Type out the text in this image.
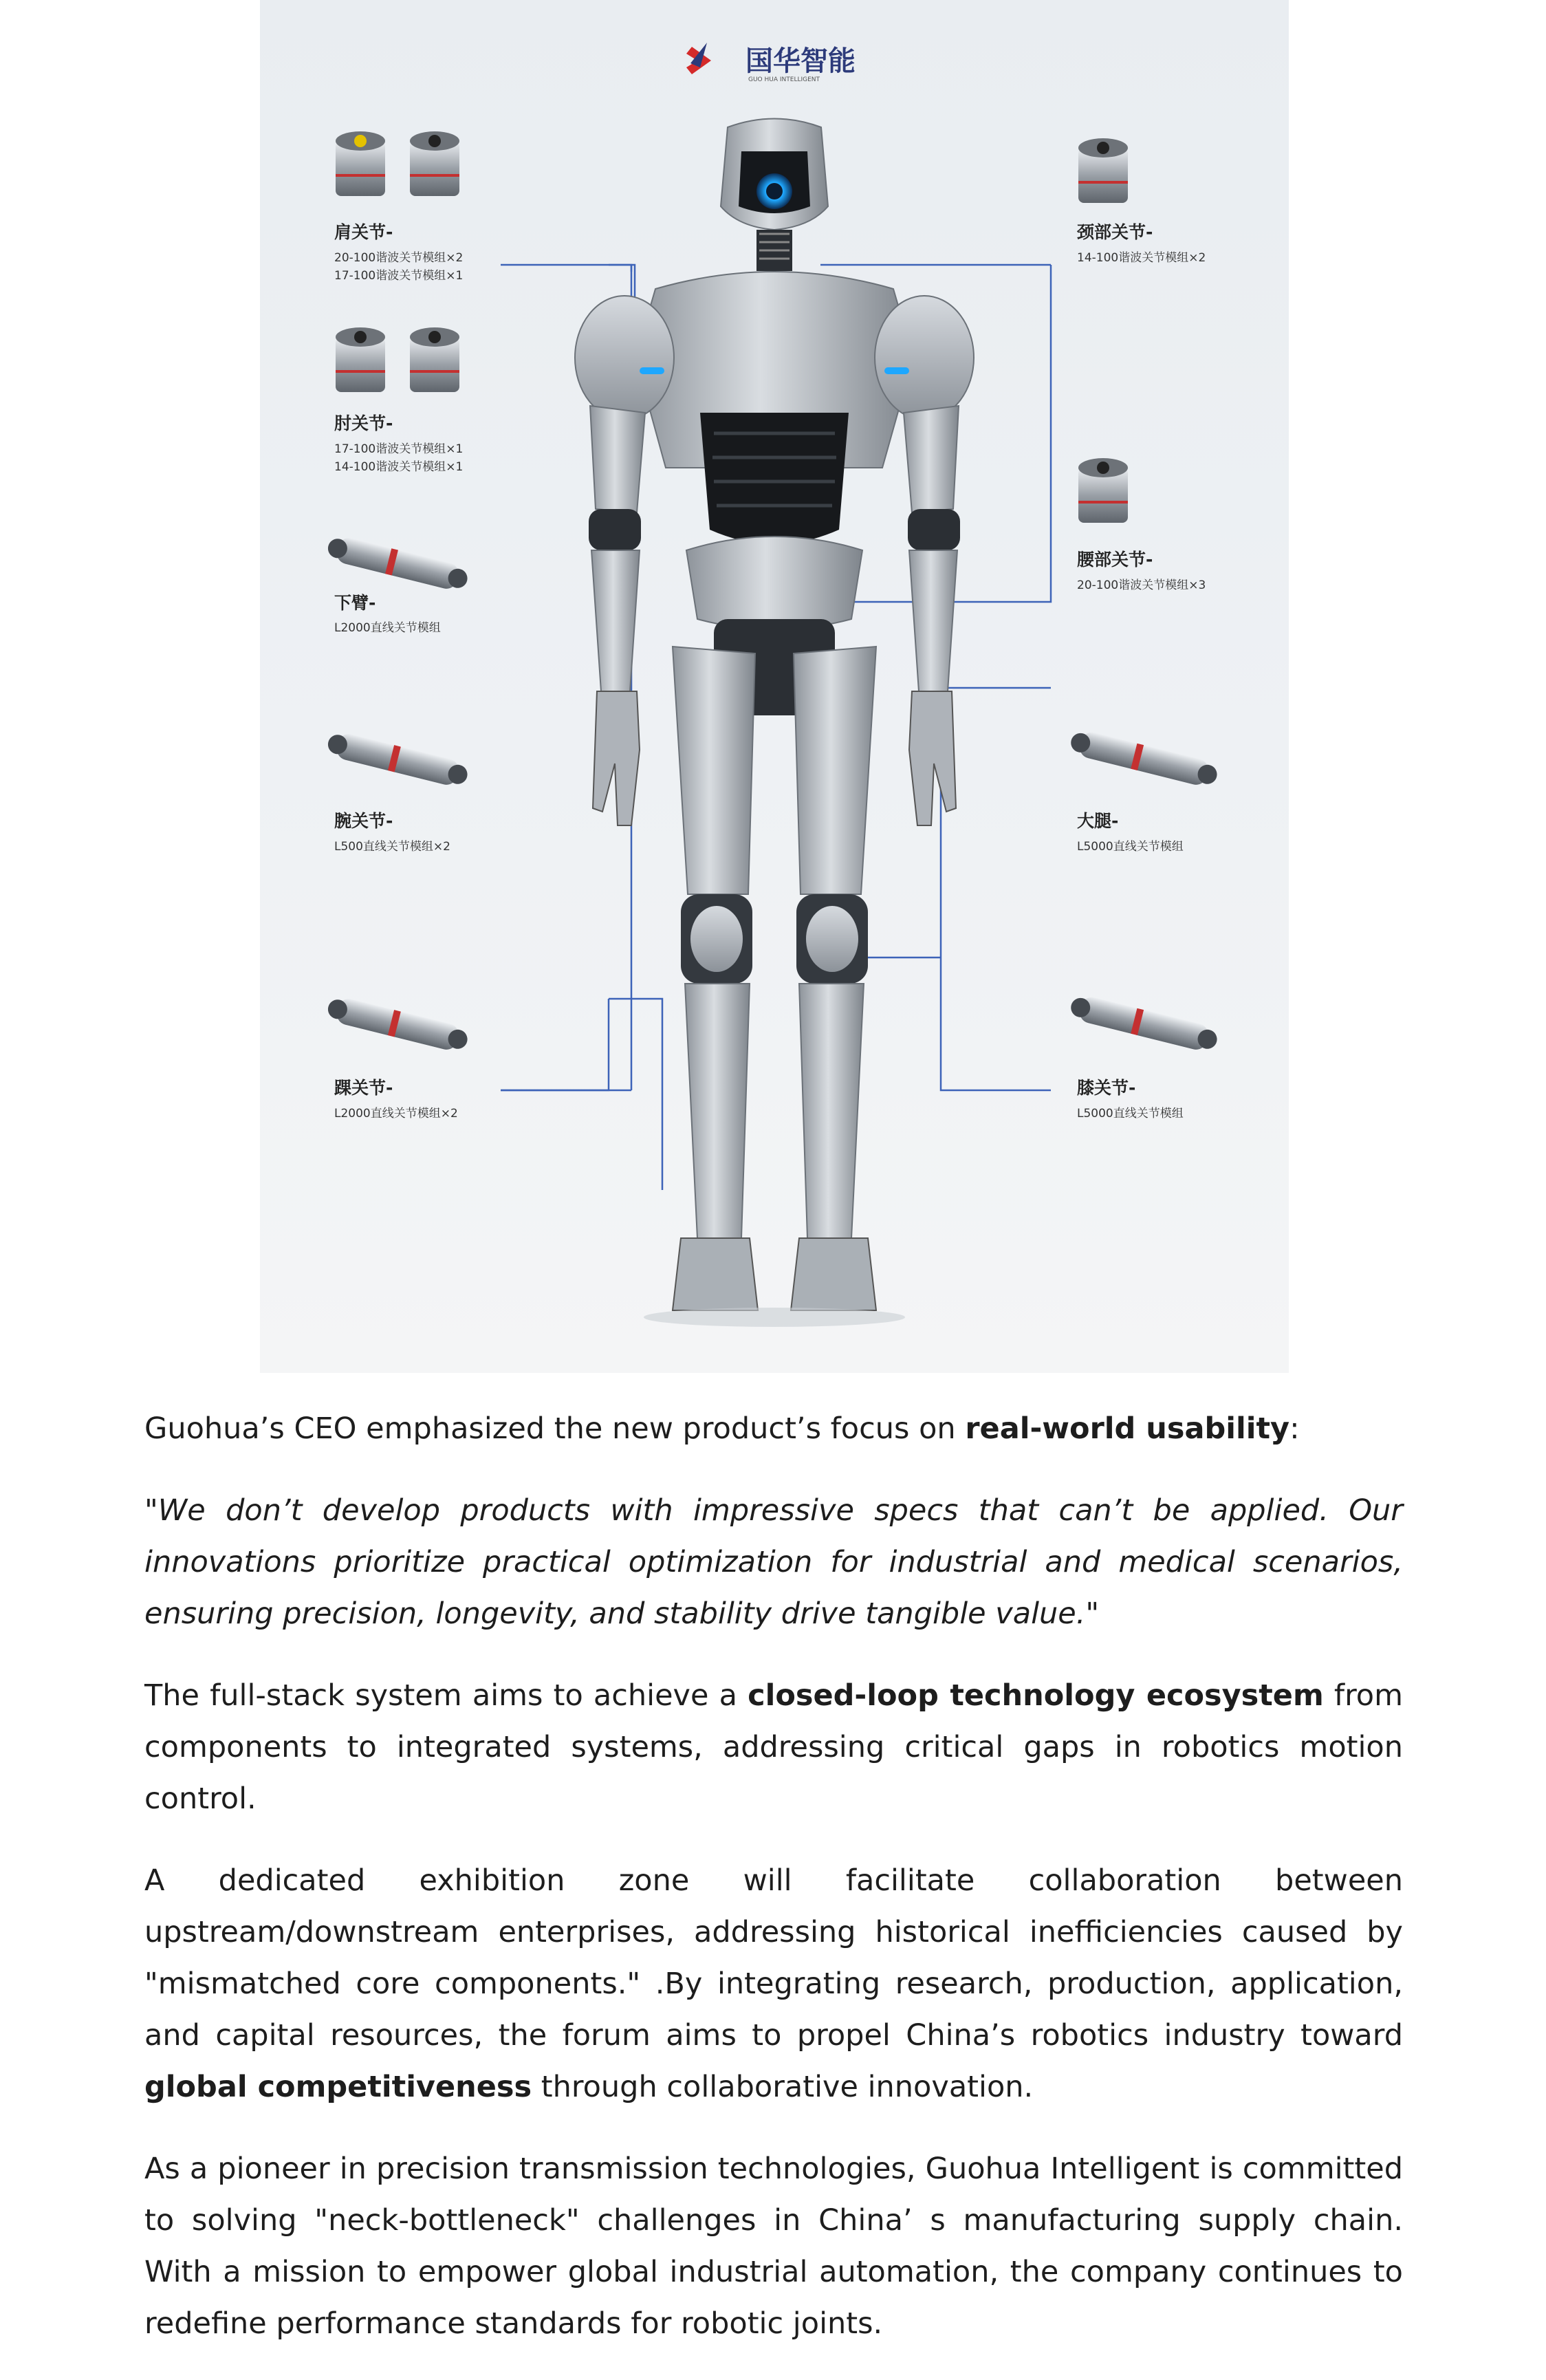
国华智能
GUO HUA INTELLIGENT
肩关节-
20-100谐波关节模组×2
17-100谐波关节模组×1
肘关节-
17-100谐波关节模组×1
14-100谐波关节模组×1
下臂-
L2000直线关节模组
腕关节-
L500直线关节模组×2
踝关节-
L2000直线关节模组×2
颈部关节-
14-100谐波关节模组×2
腰部关节-
20-100谐波关节模组×3
大腿-
L5000直线关节模组
膝关节-
L5000直线关节模组

Guohua’s CEO emphasized the new product’s focus on real-world usability:

"We don’t develop products with impressive specs that can’t be applied. Our innovations prioritize practical optimization for industrial and medical scenarios, ensuring precision, longevity, and stability drive tangible value."

The full-stack system aims to achieve a closed-loop technology ecosystem from components to integrated systems, addressing critical gaps in robotics motion control.

A dedicated exhibition zone will facilitate collaboration between upstream/downstream enterprises, addressing historical inefficiencies caused by "mismatched core components." .By integrating research, production, application, and capital resources, the forum aims to propel China’s robotics industry toward global competitiveness through collaborative innovation.

As a pioneer in precision transmission technologies, Guohua Intelligent is committed to solving "neck-bottleneck" challenges in China’ s manufacturing supply chain. With a mission to empower global industrial automation, the company continues to redefine performance standards for robotic joints.
